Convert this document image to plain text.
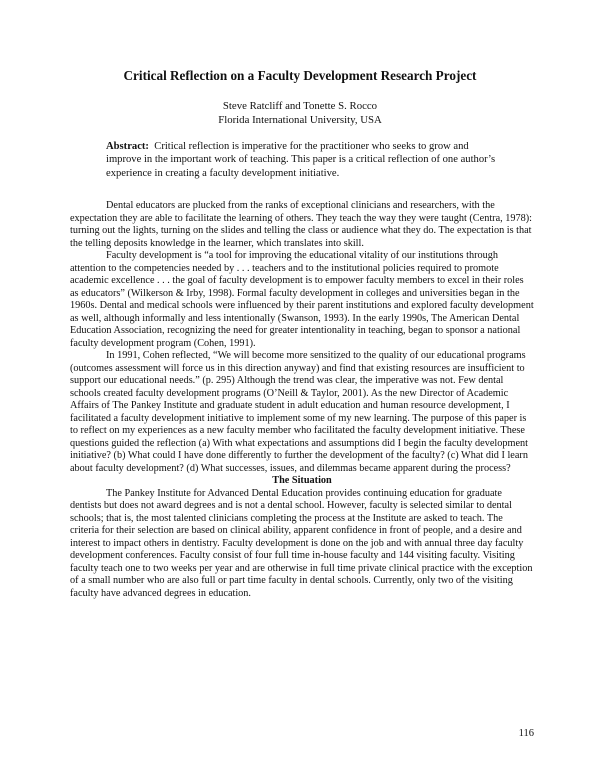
Critical Reflection on a Faculty Development Research Project
Steve Ratcliff and Tonette S. Rocco
Florida International University, USA
Abstract: Critical reflection is imperative for the practitioner who seeks to grow and improve in the important work of teaching. This paper is a critical reflection of one author’s experience in creating a faculty development initiative.

Dental educators are plucked from the ranks of exceptional clinicians and researchers, with the expectation they are able to facilitate the learning of others. They teach the way they were taught (Centra, 1978): turning out the lights, turning on the slides and telling the class or audience what they do. The expectation is that the telling deposits knowledge in the learner, which translates into skill.

Faculty development is “a tool for improving the educational vitality of our institutions through attention to the competencies needed by . . . teachers and to the institutional policies required to promote academic excellence . . . the goal of faculty development is to empower faculty members to excel in their roles as educators” (Wilkerson & Irby, 1998). Formal faculty development in colleges and universities began in the 1960s. Dental and medical schools were influenced by their parent institutions and explored faculty development as well, although informally and less intentionally (Swanson, 1993). In the early 1990s, The American Dental Education Association, recognizing the need for greater intentionality in teaching, began to sponsor a national faculty development program (Cohen, 1991).

In 1991, Cohen reflected, “We will become more sensitized to the quality of our educational programs (outcomes assessment will force us in this direction anyway) and find that existing resources are insufficient to support our educational needs.” (p. 295) Although the trend was clear, the imperative was not. Few dental schools created faculty development programs (O’Neill & Taylor, 2001). As the new Director of Academic Affairs of The Pankey Institute and graduate student in adult education and human resource development, I facilitated a faculty development initiative to implement some of my new learning. The purpose of this paper is to reflect on my experiences as a new faculty member who facilitated the faculty development initiative. These questions guided the reflection (a) With what expectations and assumptions did I begin the faculty development initiative? (b) What could I have done differently to further the development of the faculty? (c) What did I learn about faculty development? (d) What successes, issues, and dilemmas became apparent during the process?

The Situation

The Pankey Institute for Advanced Dental Education provides continuing education for graduate dentists but does not award degrees and is not a dental school. However, faculty is selected similar to dental schools; that is, the most talented clinicians completing the process at the Institute are asked to teach. The criteria for their selection are based on clinical ability, apparent confidence in front of people, and a desire and interest to impact others in dentistry. Faculty development is done on the job and with annual three day faculty development conferences. Faculty consist of four full time in-house faculty and 144 visiting faculty. Visiting faculty teach one to two weeks per year and are otherwise in full time private clinical practice with the exception of a small number who are also full or part time faculty in dental schools. Currently, only two of the visiting faculty have advanced degrees in education.

116
